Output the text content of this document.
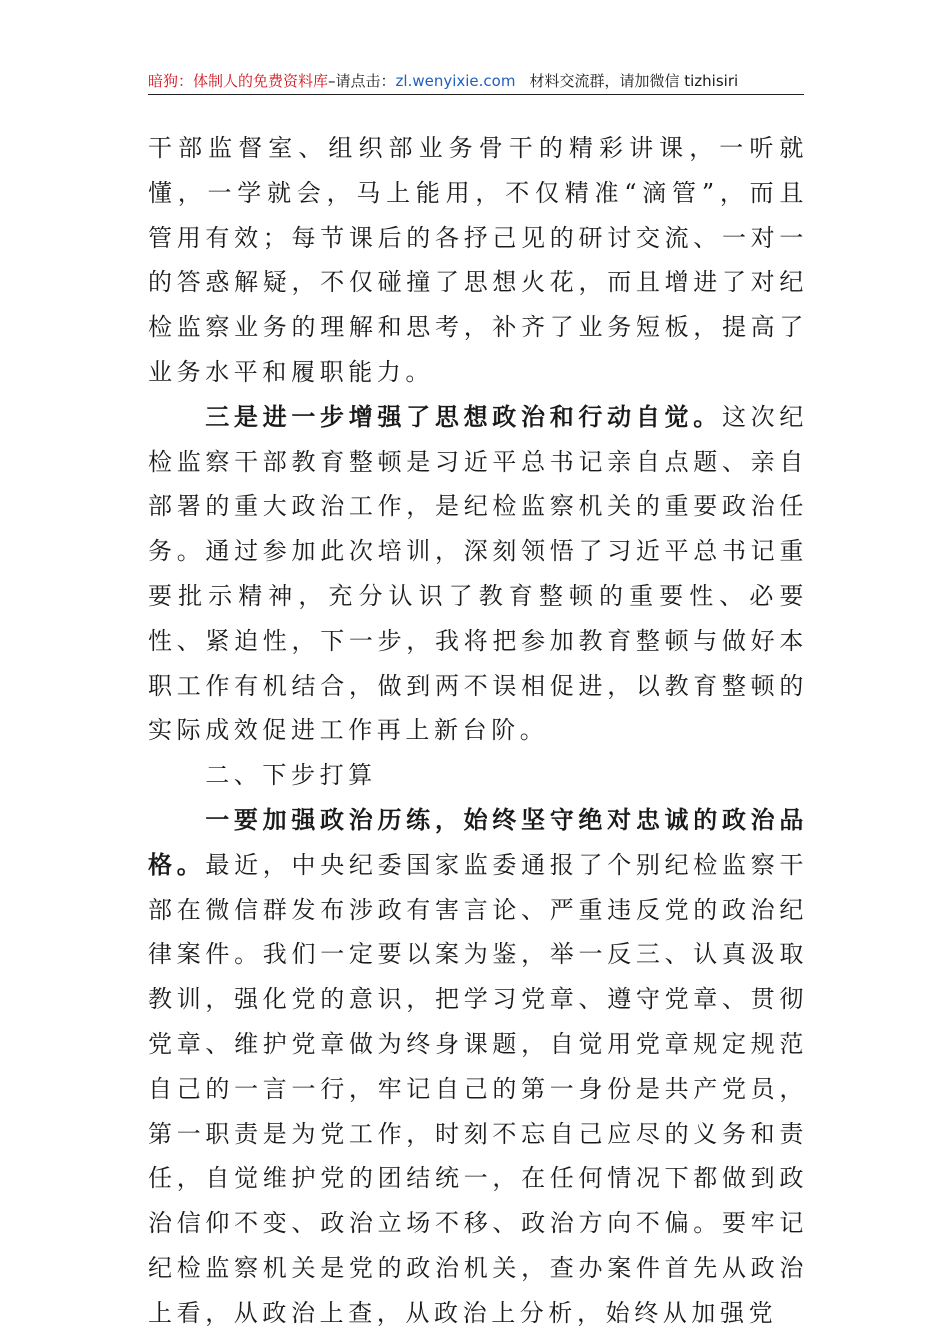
暗狗：体制人的免费资料库–请点击：zl.wenyixie.com 材料交流群，请加微信 tizhisiri

干部监督室、组织部业务骨干的精彩讲课，一听就懂，一学就会，马上能用，不仅精准“滴管”，而且管用有效；每节课后的各抒己见的研讨交流、一对一的答惑解疑，不仅碰撞了思想火花，而且增进了对纪检监察业务的理解和思考，补齐了业务短板，提高了业务水平和履职能力。

三是进一步增强了思想政治和行动自觉。这次纪检监察干部教育整顿是习近平总书记亲自点题、亲自部署的重大政治工作，是纪检监察机关的重要政治任务。通过参加此次培训，深刻领悟了习近平总书记重要批示精神，充分认识了教育整顿的重要性、必要性、紧迫性，下一步，我将把参加教育整顿与做好本职工作有机结合，做到两不误相促进，以教育整顿的实际成效促进工作再上新台阶。

二、下步打算

一要加强政治历练，始终坚守绝对忠诚的政治品格。最近，中央纪委国家监委通报了个别纪检监察干部在微信群发布涉政有害言论、严重违反党的政治纪律案件。我们一定要以案为鉴，举一反三、认真汲取教训，强化党的意识，把学习党章、遵守党章、贯彻党章、维护党章做为终身课题，自觉用党章规定规范自己的一言一行，牢记自己的第一身份是共产党员，第一职责是为党工作，时刻不忘自己应尽的义务和责任，自觉维护党的团结统一，在任何情况下都做到政治信仰不变、政治立场不移、政治方向不偏。要牢记纪检监察机关是党的政治机关，查办案件首先从政治上看，从政治上查，从政治上分析，始终从加强党
